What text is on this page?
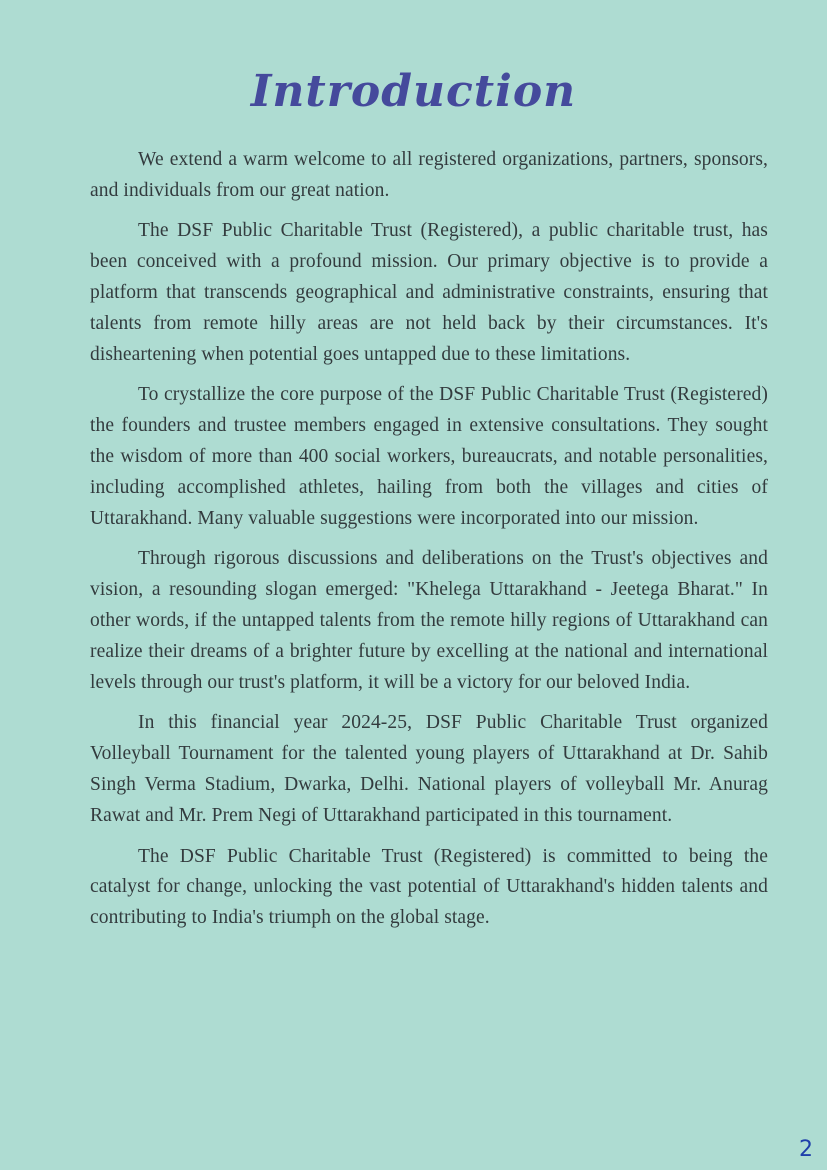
Introduction

We extend a warm welcome to all registered organizations, partners, sponsors, and individuals from our great nation.

The DSF Public Charitable Trust (Registered), a public charitable trust, has been conceived with a profound mission. Our primary objective is to provide a platform that transcends geographical and administrative constraints, ensuring that talents from remote hilly areas are not held back by their circumstances. It's disheartening when potential goes untapped due to these limitations.

To crystallize the core purpose of the DSF Public Charitable Trust (Registered) the founders and trustee members engaged in extensive consultations. They sought the wisdom of more than 400 social workers, bureaucrats, and notable personalities, including accomplished athletes, hailing from both the villages and cities of Uttarakhand. Many valuable suggestions were incorporated into our mission.

Through rigorous discussions and deliberations on the Trust's objectives and vision, a resounding slogan emerged: "Khelega Uttarakhand - Jeetega Bharat." In other words, if the untapped talents from the remote hilly regions of Uttarakhand can realize their dreams of a brighter future by excelling at the national and international levels through our trust's platform, it will be a victory for our beloved India.

In this financial year 2024-25, DSF Public Charitable Trust organized Volleyball Tournament for the talented young players of Uttarakhand at Dr. Sahib Singh Verma Stadium, Dwarka, Delhi. National players of volleyball Mr. Anurag Rawat and Mr. Prem Negi of Uttarakhand participated in this tournament.

The DSF Public Charitable Trust (Registered) is committed to being the catalyst for change, unlocking the vast potential of Uttarakhand's hidden talents and contributing to India's triumph on the global stage.

2
